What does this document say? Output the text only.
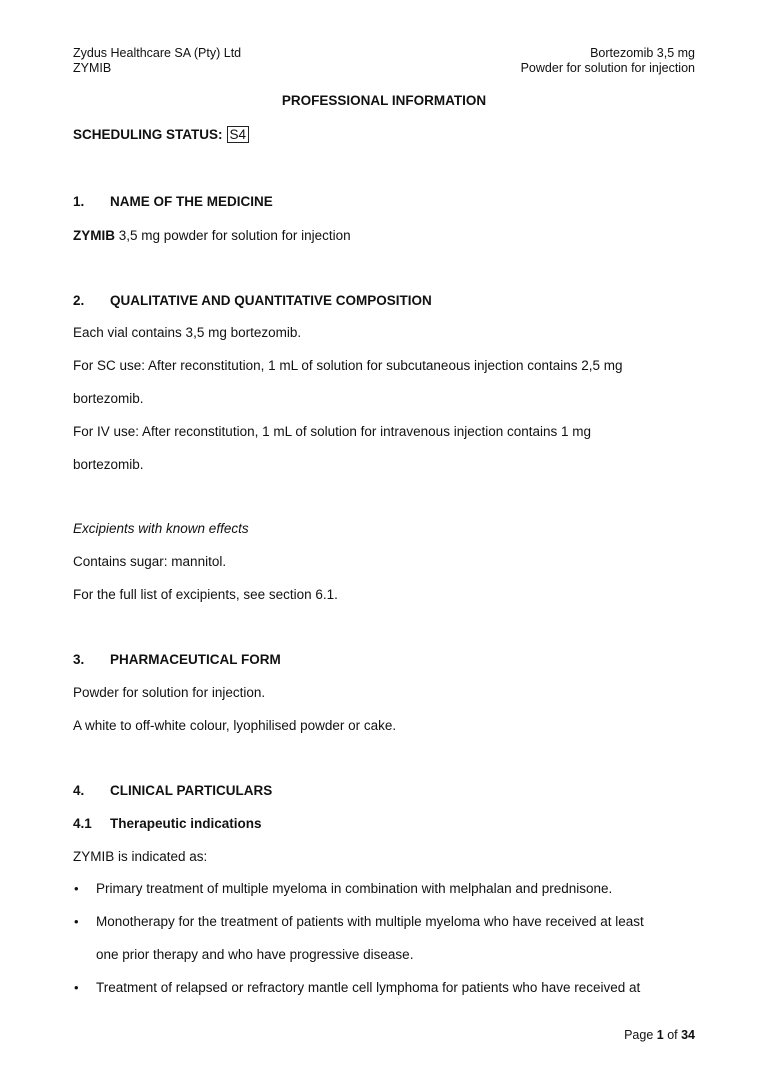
Zydus Healthcare SA (Pty) Ltd
ZYMIB
Bortezomib 3,5 mg
Powder for solution for injection
PROFESSIONAL INFORMATION
SCHEDULING STATUS: S4
1. NAME OF THE MEDICINE
ZYMIB 3,5 mg powder for solution for injection
2. QUALITATIVE AND QUANTITATIVE COMPOSITION
Each vial contains 3,5 mg bortezomib.
For SC use: After reconstitution, 1 mL of solution for subcutaneous injection contains 2,5 mg
bortezomib.
For IV use: After reconstitution, 1 mL of solution for intravenous injection contains 1 mg
bortezomib.
Excipients with known effects
Contains sugar: mannitol.
For the full list of excipients, see section 6.1.
3. PHARMACEUTICAL FORM
Powder for solution for injection.
A white to off-white colour, lyophilised powder or cake.
4. CLINICAL PARTICULARS
4.1 Therapeutic indications
ZYMIB is indicated as:
• Primary treatment of multiple myeloma in combination with melphalan and prednisone.
• Monotherapy for the treatment of patients with multiple myeloma who have received at least
one prior therapy and who have progressive disease.
• Treatment of relapsed or refractory mantle cell lymphoma for patients who have received at
Page 1 of 34
